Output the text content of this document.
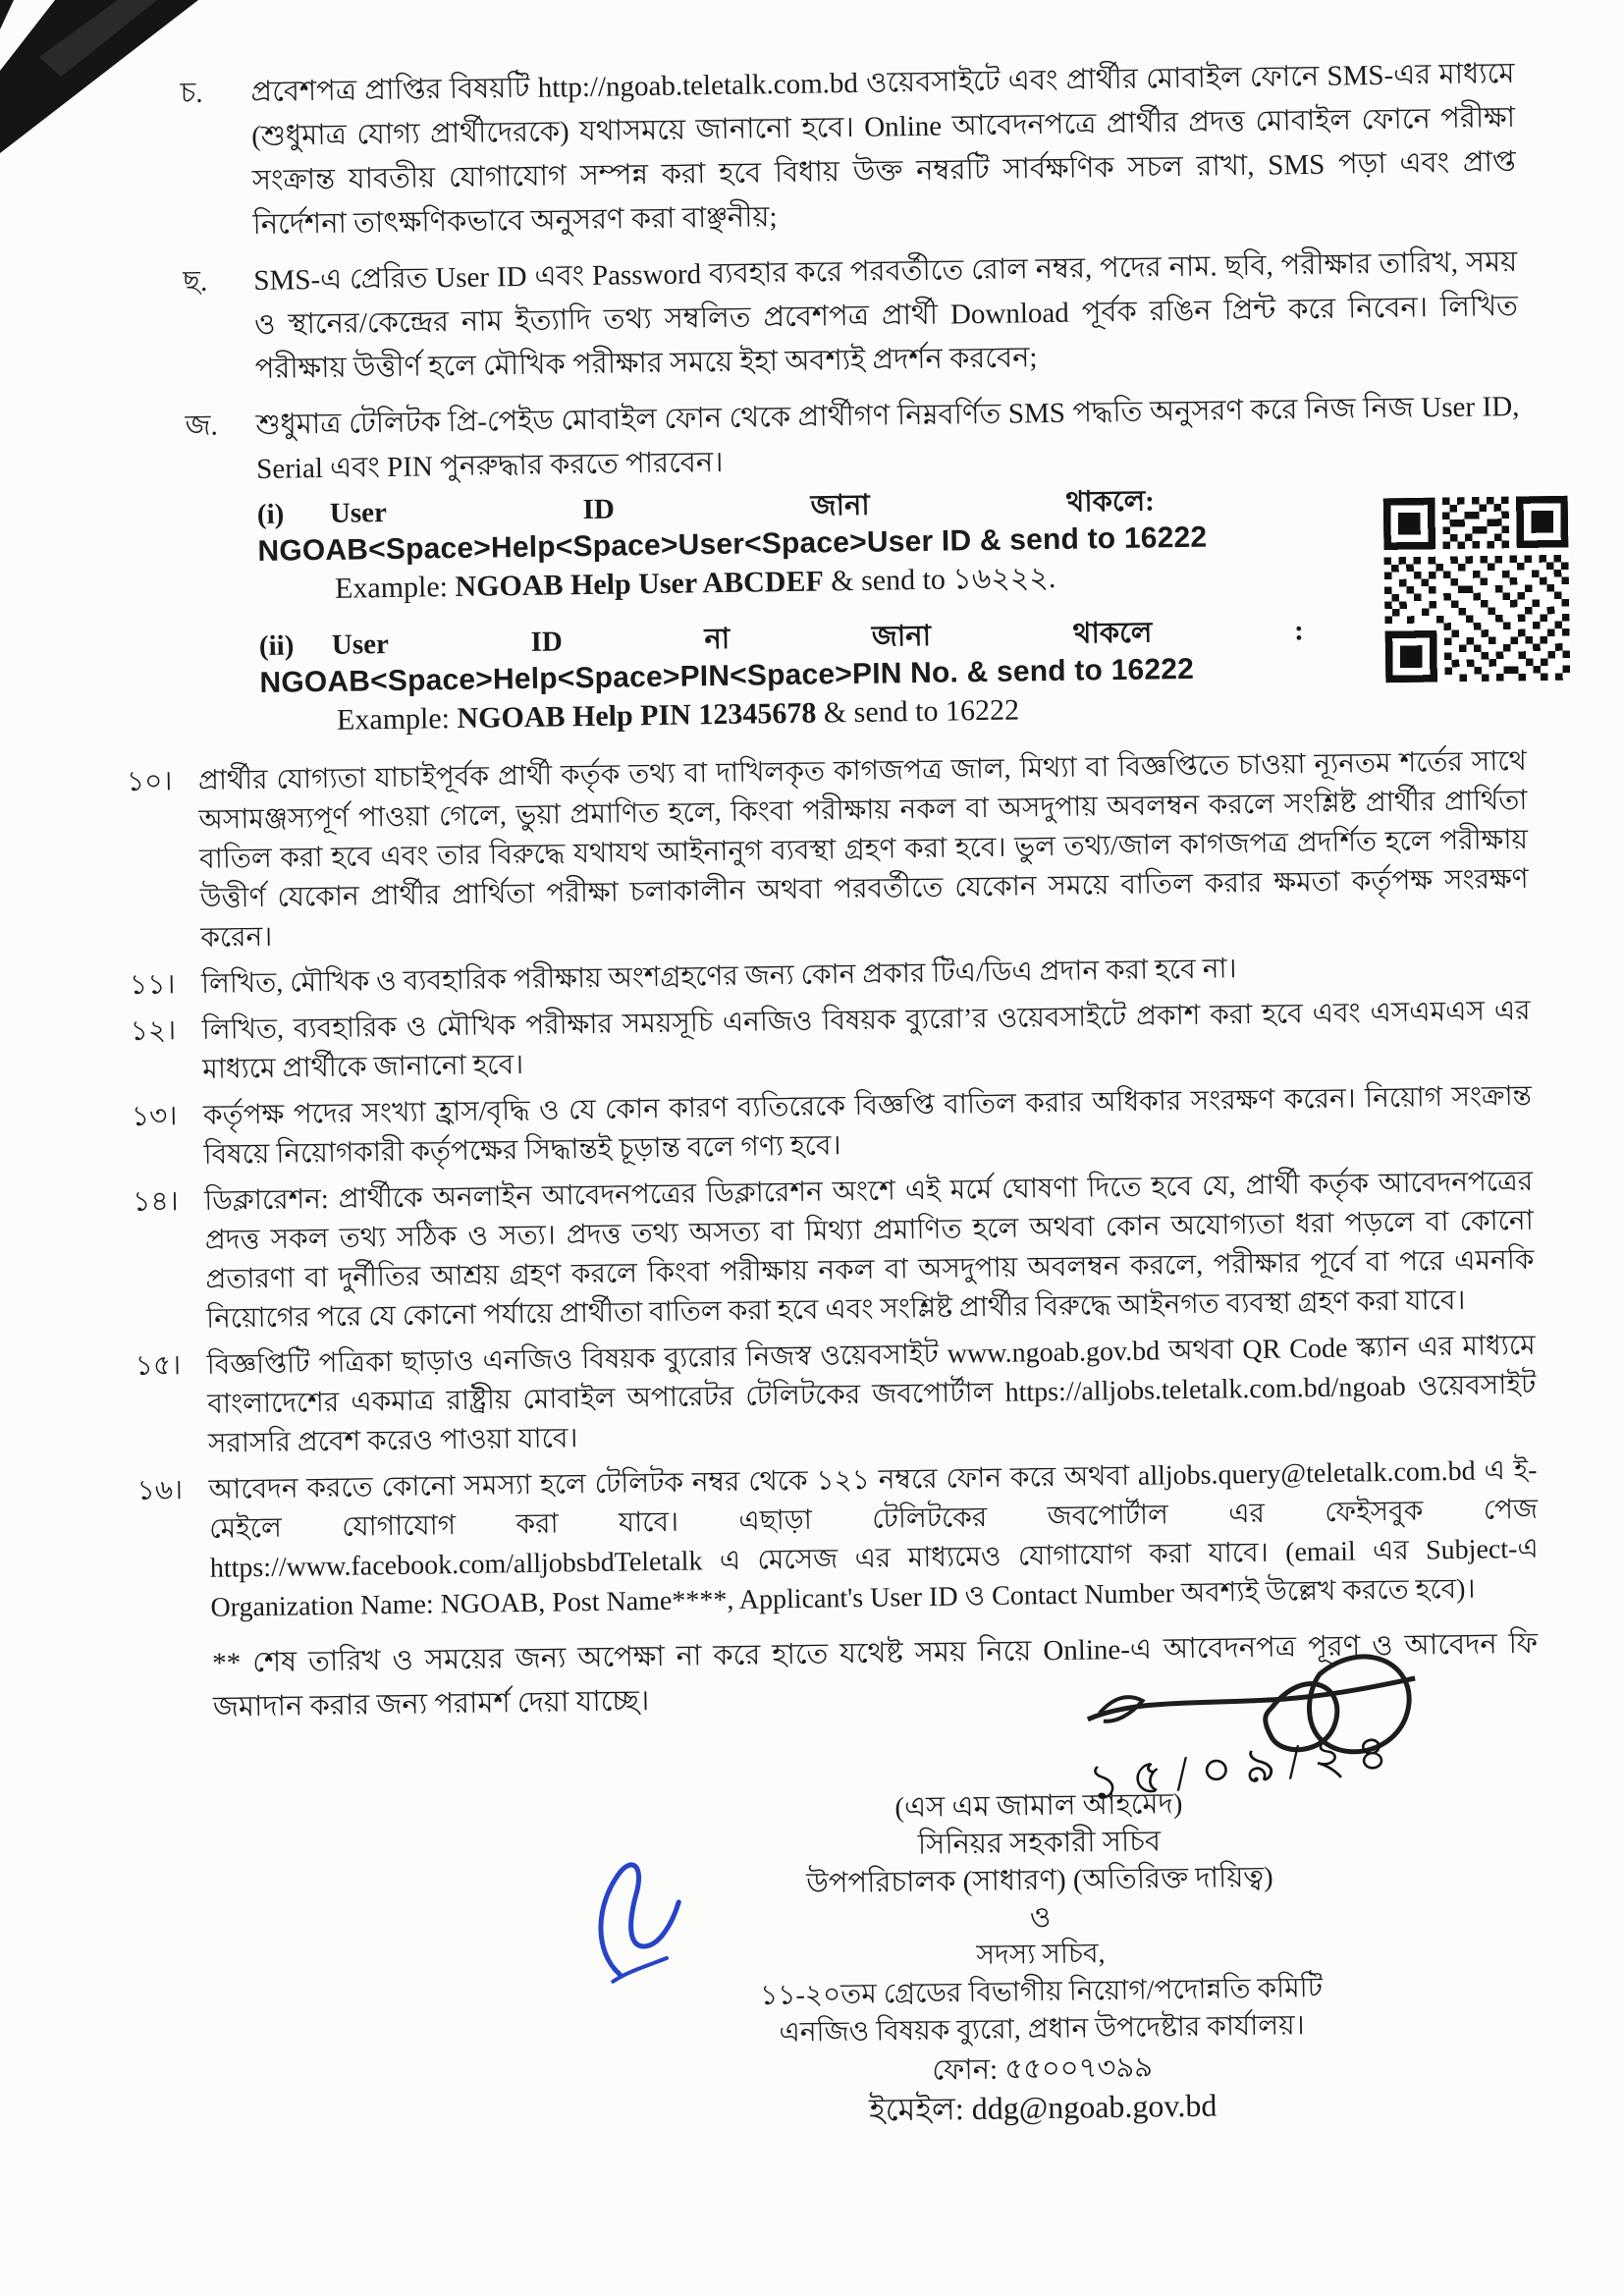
চ.	প্রবেশপত্র প্রাপ্তির বিষয়টি http://ngoab.teletalk.com.bd ওয়েবসাইটে এবং প্রার্থীর মোবাইল ফোনে SMS-এর মাধ্যমে (শুধুমাত্র যোগ্য প্রার্থীদেরকে) যথাসময়ে জানানো হবে। Online আবেদনপত্রে প্রার্থীর প্রদত্ত মোবাইল ফোনে পরীক্ষা সংক্রান্ত যাবতীয় যোগাযোগ সম্পন্ন করা হবে বিধায় উক্ত নম্বরটি সার্বক্ষণিক সচল রাখা, SMS পড়া এবং প্রাপ্ত নির্দেশনা তাৎক্ষণিকভাবে অনুসরণ করা বাঞ্ছনীয়;
ছ.	SMS-এ প্রেরিত User ID এবং Password ব্যবহার করে পরবর্তীতে রোল নম্বর, পদের নাম. ছবি, পরীক্ষার তারিখ, সময় ও স্থানের/কেন্দ্রের নাম ইত্যাদি তথ্য সম্বলিত প্রবেশপত্র প্রার্থী Download পূর্বক রঙিন প্রিন্ট করে নিবেন। লিখিত পরীক্ষায় উত্তীর্ণ হলে মৌখিক পরীক্ষার সময়ে ইহা অবশ্যই প্রদর্শন করবেন;
জ.	শুধুমাত্র টেলিটক প্রি-পেইড মোবাইল ফোন থেকে প্রার্থীগণ নিম্নবর্ণিত SMS পদ্ধতি অনুসরণ করে নিজ নিজ User ID, Serial এবং PIN পুনরুদ্ধার করতে পারবেন।
(i)	User	ID	জানা	থাকলে:
NGOAB<Space>Help<Space>User<Space>User ID & send to 16222
Example: NGOAB Help User ABCDEF & send to ১৬২২২.
(ii)	User	ID	না	জানা	থাকলে	:
NGOAB<Space>Help<Space>PIN<Space>PIN No. & send to 16222
Example: NGOAB Help PIN 12345678 & send to 16222
১০। প্রার্থীর যোগ্যতা যাচাইপূর্বক প্রার্থী কর্তৃক তথ্য বা দাখিলকৃত কাগজপত্র জাল, মিথ্যা বা বিজ্ঞপ্তিতে চাওয়া ন্যূনতম শর্তের সাথে অসামঞ্জস্যপূর্ণ পাওয়া গেলে, ভুয়া প্রমাণিত হলে, কিংবা পরীক্ষায় নকল বা অসদুপায় অবলম্বন করলে সংশ্লিষ্ট প্রার্থীর প্রার্থিতা বাতিল করা হবে এবং তার বিরুদ্ধে যথাযথ আইনানুগ ব্যবস্থা গ্রহণ করা হবে। ভুল তথ্য/জাল কাগজপত্র প্রদর্শিত হলে পরীক্ষায় উত্তীর্ণ যেকোন প্রার্থীর প্রার্থিতা পরীক্ষা চলাকালীন অথবা পরবর্তীতে যেকোন সময়ে বাতিল করার ক্ষমতা কর্তৃপক্ষ সংরক্ষণ করেন।
১১। লিখিত, মৌখিক ও ব্যবহারিক পরীক্ষায় অংশগ্রহণের জন্য কোন প্রকার টিএ/ডিএ প্রদান করা হবে না।
১২। লিখিত, ব্যবহারিক ও মৌখিক পরীক্ষার সময়সূচি এনজিও বিষয়ক ব্যুরো’র ওয়েবসাইটে প্রকাশ করা হবে এবং এসএমএস এর মাধ্যমে প্রার্থীকে জানানো হবে।
১৩। কর্তৃপক্ষ পদের সংখ্যা হ্রাস/বৃদ্ধি ও যে কোন কারণ ব্যতিরেকে বিজ্ঞপ্তি বাতিল করার অধিকার সংরক্ষণ করেন। নিয়োগ সংক্রান্ত বিষয়ে নিয়োগকারী কর্তৃপক্ষের সিদ্ধান্তই চূড়ান্ত বলে গণ্য হবে।
১৪। ডিক্লারেশন: প্রার্থীকে অনলাইন আবেদনপত্রের ডিক্লারেশন অংশে এই মর্মে ঘোষণা দিতে হবে যে, প্রার্থী কর্তৃক আবেদনপত্রের প্রদত্ত সকল তথ্য সঠিক ও সত্য। প্রদত্ত তথ্য অসত্য বা মিথ্যা প্রমাণিত হলে অথবা কোন অযোগ্যতা ধরা পড়লে বা কোনো প্রতারণা বা দুর্নীতির আশ্রয় গ্রহণ করলে কিংবা পরীক্ষায় নকল বা অসদুপায় অবলম্বন করলে, পরীক্ষার পূর্বে বা পরে এমনকি নিয়োগের পরে যে কোনো পর্যায়ে প্রার্থীতা বাতিল করা হবে এবং সংশ্লিষ্ট প্রার্থীর বিরুদ্ধে আইনগত ব্যবস্থা গ্রহণ করা যাবে।
১৫। বিজ্ঞপ্তিটি পত্রিকা ছাড়াও এনজিও বিষয়ক ব্যুরোর নিজস্ব ওয়েবসাইট www.ngoab.gov.bd অথবা QR Code স্ক্যান এর মাধ্যমে বাংলাদেশের একমাত্র রাষ্ট্রীয় মোবাইল অপারেটর টেলিটকের জবপোর্টাল https://alljobs.teletalk.com.bd/ngoab ওয়েবসাইট সরাসরি প্রবেশ করেও পাওয়া যাবে।
১৬। আবেদন করতে কোনো সমস্যা হলে টেলিটক নম্বর থেকে ১২১ নম্বরে ফোন করে অথবা alljobs.query@teletalk.com.bd এ ই-মেইলে যোগাযোগ করা যাবে। এছাড়া টেলিটকের জবপোর্টাল এর ফেইসবুক পেজ https://www.facebook.com/alljobsbdTeletalk এ মেসেজ এর মাধ্যমেও যোগাযোগ করা যাবে। (email এর Subject-এ Organization Name: NGOAB, Post Name****, Applicant's User ID ও Contact Number অবশ্যই উল্লেখ করতে হবে)।
** শেষ তারিখ ও সময়ের জন্য অপেক্ষা না করে হাতে যথেষ্ট সময় নিয়ে Online-এ আবেদনপত্র পূরণ ও আবেদন ফি জমাদান করার জন্য পরামর্শ দেয়া যাচ্ছে।
১৫/০৯/২৪
(এস এম জামাল আহমেদ)
সিনিয়র সহকারী সচিব
উপপরিচালক (সাধারণ) (অতিরিক্ত দায়িত্ব)
ও
সদস্য সচিব,
১১-২০তম গ্রেডের বিভাগীয় নিয়োগ/পদোন্নতি কমিটি
এনজিও বিষয়ক ব্যুরো, প্রধান উপদেষ্টার কার্যালয়।
ফোন: ৫৫০০৭৩৯৯
ইমেইল: ddg@ngoab.gov.bd
